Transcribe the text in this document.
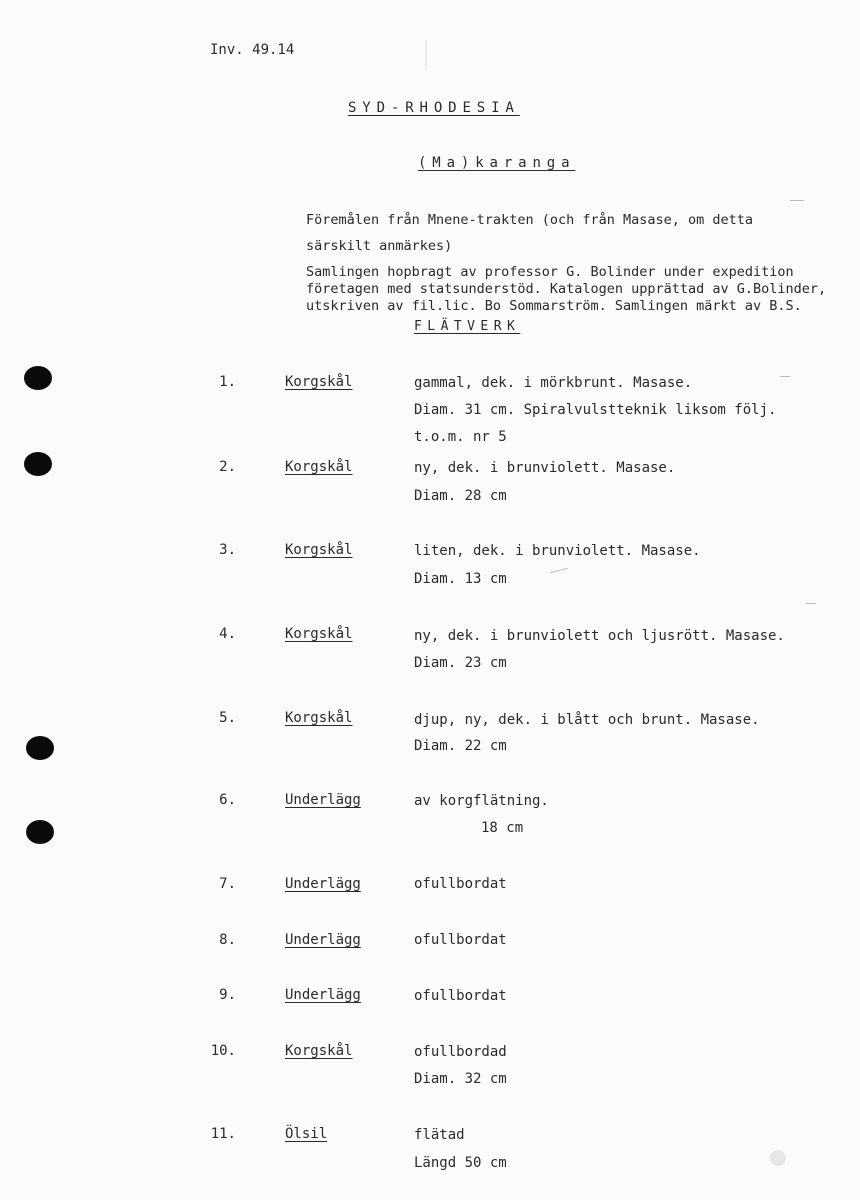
Inv. 49.14
SYD-RHODESIA
(Ma)karanga
Föremålen från Mnene-trakten (och från Masase, om detta
särskilt anmärkes)
Samlingen hopbragt av professor G. Bolinder under expedition
företagen med statsunderstöd. Katalogen upprättad av G.Bolinder,
utskriven av fil.lic. Bo Sommarström. Samlingen märkt av B.S.
FLÄTVERK
1.	Korgskål	gammal, dek. i mörkbrunt. Masase.
Diam. 31 cm. Spiralvulstteknik liksom följ.
t.o.m. nr 5
2.	Korgskål	ny, dek. i brunviolett. Masase.
Diam. 28 cm
3.	Korgskål	liten, dek. i brunviolett. Masase.
Diam. 13 cm
4.	Korgskål	ny, dek. i brunviolett och ljusrött. Masase.
Diam. 23 cm
5.	Korgskål	djup, ny, dek. i blått och brunt. Masase.
Diam. 22 cm
6.	Underlägg	av korgflätning.
18 cm
7.	Underlägg	ofullbordat
8.	Underlägg	ofullbordat
9.	Underlägg	ofullbordat
10.	Korgskål	ofullbordad
Diam. 32 cm
11.	Ölsil	flätad
Längd 50 cm
